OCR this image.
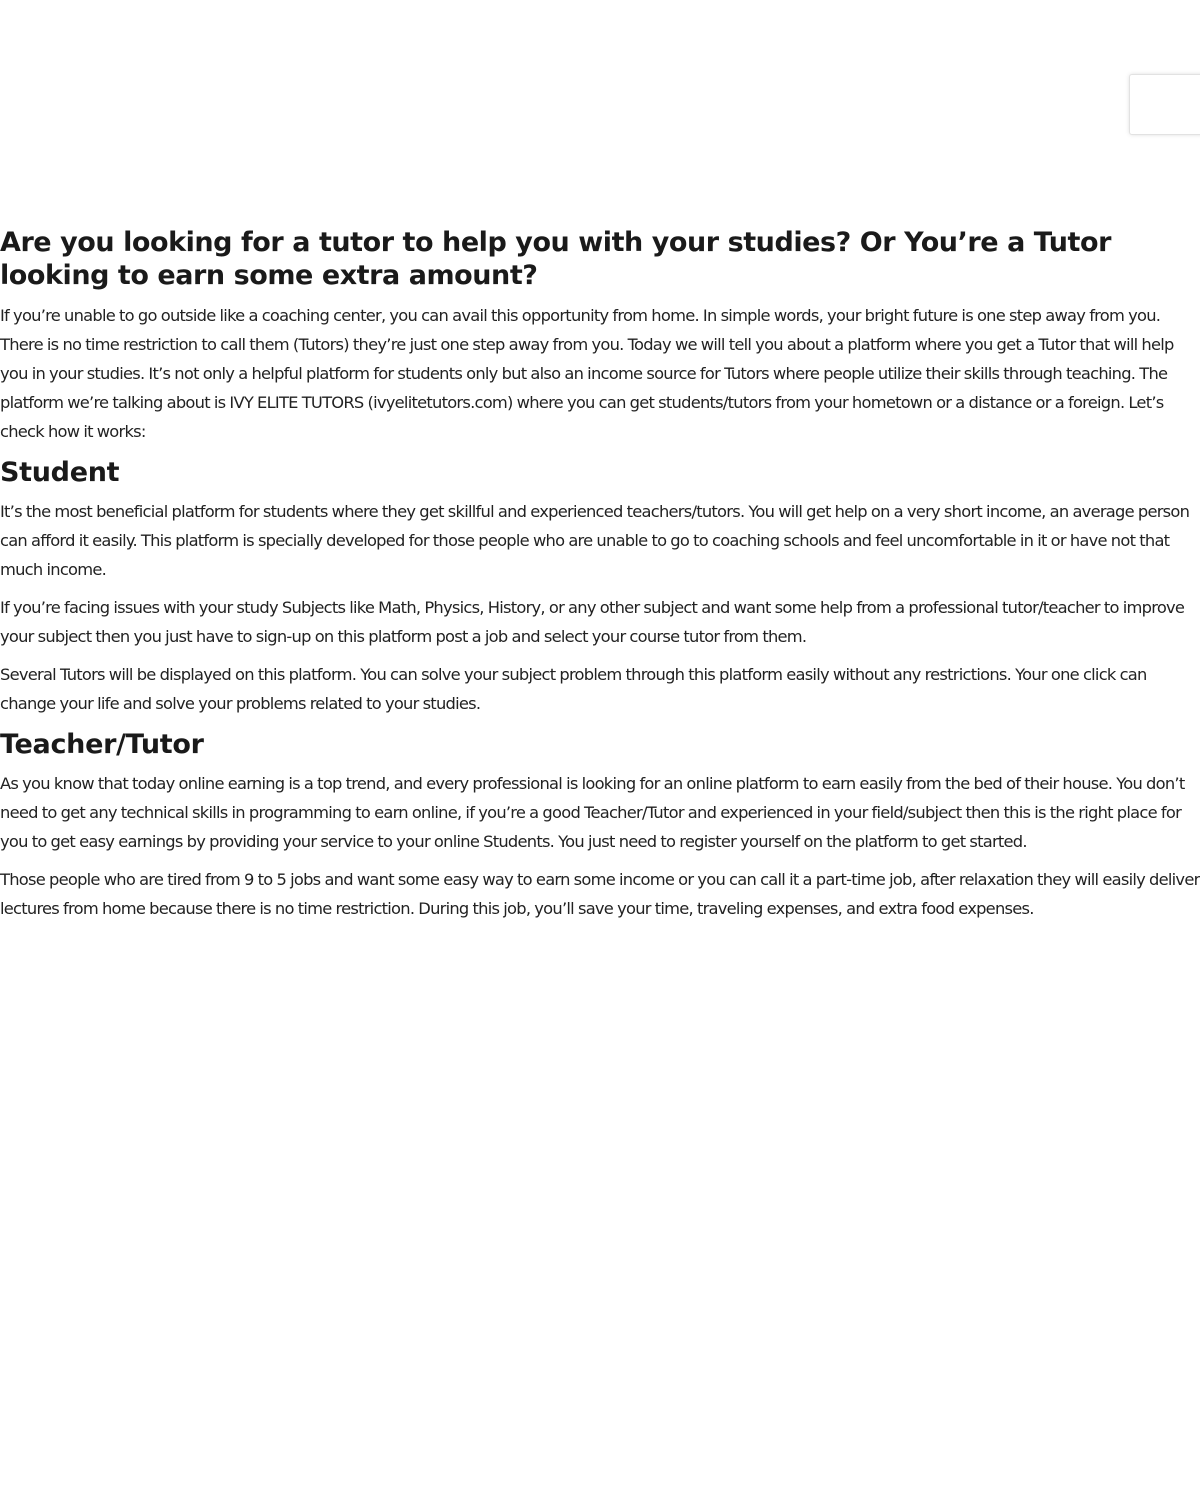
Are you looking for a tutor to help you with your studies? Or You’re a Tutor looking to earn some extra amount?

If you’re unable to go outside like a coaching center, you can avail this opportunity from home. In simple words, your bright future is one step away from you. There is no time restriction to call them (Tutors) they’re just one step away from you. Today we will tell you about a platform where you get a Tutor that will help you in your studies. It’s not only a helpful platform for students only but also an income source for Tutors where people utilize their skills through teaching. The platform we’re talking about is IVY ELITE TUTORS (ivyelitetutors.com) where you can get students/tutors from your hometown or a distance or a foreign. Let’s check how it works:

Student

It’s the most beneficial platform for students where they get skillful and experienced teachers/tutors. You will get help on a very short income, an average person can afford it easily. This platform is specially developed for those people who are unable to go to coaching schools and feel uncomfortable in it or have not that much income.

If you’re facing issues with your study Subjects like Math, Physics, History, or any other subject and want some help from a professional tutor/teacher to improve your subject then you just have to sign-up on this platform post a job and select your course tutor from them.

Several Tutors will be displayed on this platform. You can solve your subject problem through this platform easily without any restrictions. Your one click can change your life and solve your problems related to your studies.

Teacher/Tutor

As you know that today online earning is a top trend, and every professional is looking for an online platform to earn easily from the bed of their house. You don’t need to get any technical skills in programming to earn online, if you’re a good Teacher/Tutor and experienced in your field/subject then this is the right place for you to get easy earnings by providing your service to your online Students. You just need to register yourself on the platform to get started.

Those people who are tired from 9 to 5 jobs and want some easy way to earn some income or you can call it a part-time job, after relaxation they will easily deliver lectures from home because there is no time restriction. During this job, you’ll save your time, traveling expenses, and extra food expenses.
